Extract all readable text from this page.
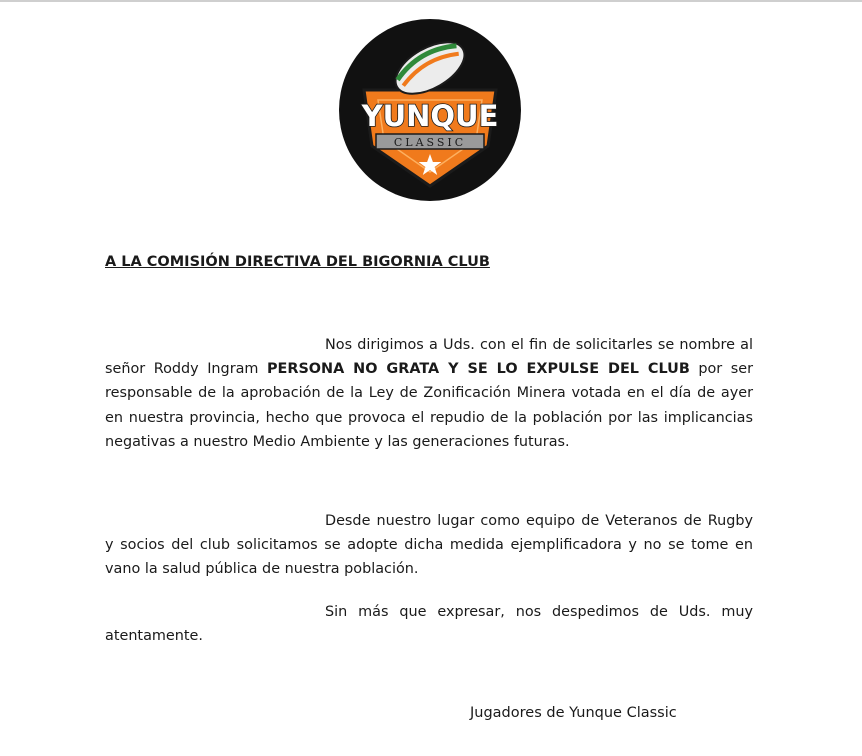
YUNQUE
CLASSIC
A LA COMISIÓN DIRECTIVA DEL BIGORNIA CLUB
Nos dirigimos a Uds. con el fin de solicitarles se nombre al señor Roddy Ingram PERSONA NO GRATA Y SE LO EXPULSE DEL CLUB por ser responsable de la aprobación de la Ley de Zonificación Minera votada en el día de ayer en nuestra provincia, hecho que provoca el repudio de la población por las implicancias negativas a nuestro Medio Ambiente y las generaciones futuras.
Desde nuestro lugar como equipo de Veteranos de Rugby y socios del club solicitamos se adopte dicha medida ejemplificadora y no se tome en vano la salud pública de nuestra población.
Sin más que expresar, nos despedimos de Uds. muy atentamente.
Jugadores de Yunque Classic
